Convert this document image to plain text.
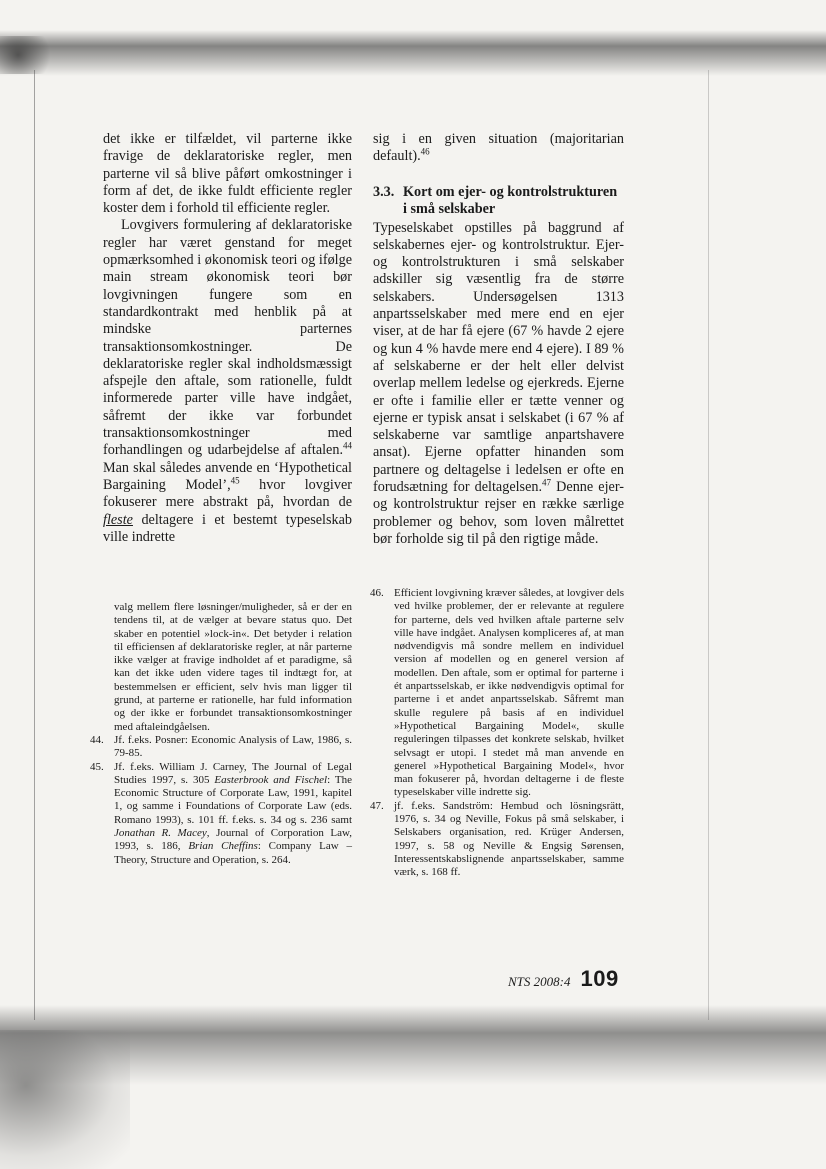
det ikke er tilfældet, vil parterne ikke fravige de deklaratoriske regler, men parterne vil så blive påført omkostninger i form af det, de ikke fuldt efficiente regler koster dem i forhold til efficiente regler.

Lovgivers formulering af deklaratoriske regler har været genstand for meget opmærksomhed i økonomisk teori og ifølge main stream økonomisk teori bør lovgivningen fungere som en standardkontrakt med henblik på at mindske parternes transaktionsomkostninger. De deklaratoriske regler skal indholdsmæssigt afspejle den aftale, som rationelle, fuldt informerede parter ville have indgået, såfremt der ikke var forbundet transaktionsomkostninger med forhandlingen og udarbejdelse af aftalen.$^{44}$ Man skal således anvende en ‘Hypothetical Bargaining Model’,$^{45}$ hvor lovgiver fokuserer mere abstrakt på, hvordan de fleste deltagere i et bestemt typeselskab ville indrette

sig i en given situation (majoritarian default).$^{46}$

3.3. Kort om ejer- og kontrolstrukturen i små selskaber

Typeselskabet opstilles på baggrund af selskabernes ejer- og kontrolstruktur. Ejer- og kontrolstrukturen i små selskaber adskiller sig væsentlig fra de større selskabers. Undersøgelsen 1313 anpartsselskaber med mere end en ejer viser, at de har få ejere (67 % havde 2 ejere og kun 4 % havde mere end 4 ejere). I 89 % af selskaberne er der helt eller delvist overlap mellem ledelse og ejerkreds. Ejerne er ofte i familie eller er tætte venner og ejerne er typisk ansat i selskabet (i 67 % af selskaberne var samtlige anpartshavere ansat). Ejerne opfatter hinanden som partnere og deltagelse i ledelsen er ofte en forudsætning for deltagelsen.$^{47}$ Denne ejer- og kontrolstruktur rejser en række særlige problemer og behov, som loven målrettet bør forholde sig til på den rigtige måde.

valg mellem flere løsninger/muligheder, så er der en tendens til, at de vælger at bevare status quo. Det skaber en potentiel »lock-in«. Det betyder i relation til efficiensen af deklaratoriske regler, at når parterne ikke vælger at fravige indholdet af et paradigme, så kan det ikke uden videre tages til indtægt for, at bestemmelsen er efficient, selv hvis man ligger til grund, at parterne er rationelle, har fuld information og der ikke er forbundet transaktionsomkostninger med aftaleindgåelsen.

44. Jf. f.eks. Posner: Economic Analysis of Law, 1986, s. 79-85.
45. Jf. f.eks. William J. Carney, The Journal of Legal Studies 1997, s. 305 Easterbrook and Fischel: The Economic Structure of Corporate Law, 1991, kapitel 1, og samme i Foundations of Corporate Law (eds. Romano 1993), s. 101 ff. f.eks. s. 34 og s. 236 samt Jonathan R. Macey, Journal of Corporation Law, 1993, s. 186, Brian Cheffins: Company Law – Theory, Structure and Operation, s. 264.
46. Efficient lovgivning kræver således, at lovgiver dels ved hvilke problemer, der er relevante at regulere for parterne, dels ved hvilken aftale parterne selv ville have indgået. Analysen kompliceres af, at man nødvendigvis må sondre mellem en individuel version af modellen og en generel version af modellen. Den aftale, som er optimal for parterne i ét anpartsselskab, er ikke nødvendigvis optimal for parterne i et andet anpartsselskab. Såfremt man skulle regulere på basis af en individuel »Hypothetical Bargaining Model«, skulle reguleringen tilpasses det konkrete selskab, hvilket selvsagt er utopi. I stedet må man anvende en generel »Hypothetical Bargaining Model«, hvor man fokuserer på, hvordan deltagerne i de fleste typeselskaber ville indrette sig.
47. jf. f.eks. Sandström: Hembud och lösningsrätt, 1976, s. 34 og Neville, Fokus på små selskaber, i Selskabers organisation, red. Krüger Andersen, 1997, s. 58 og Neville & Engsig Sørensen, Interessentskabslignende anpartsselskaber, samme værk, s. 168 ff.
NTS 2008:4 109
